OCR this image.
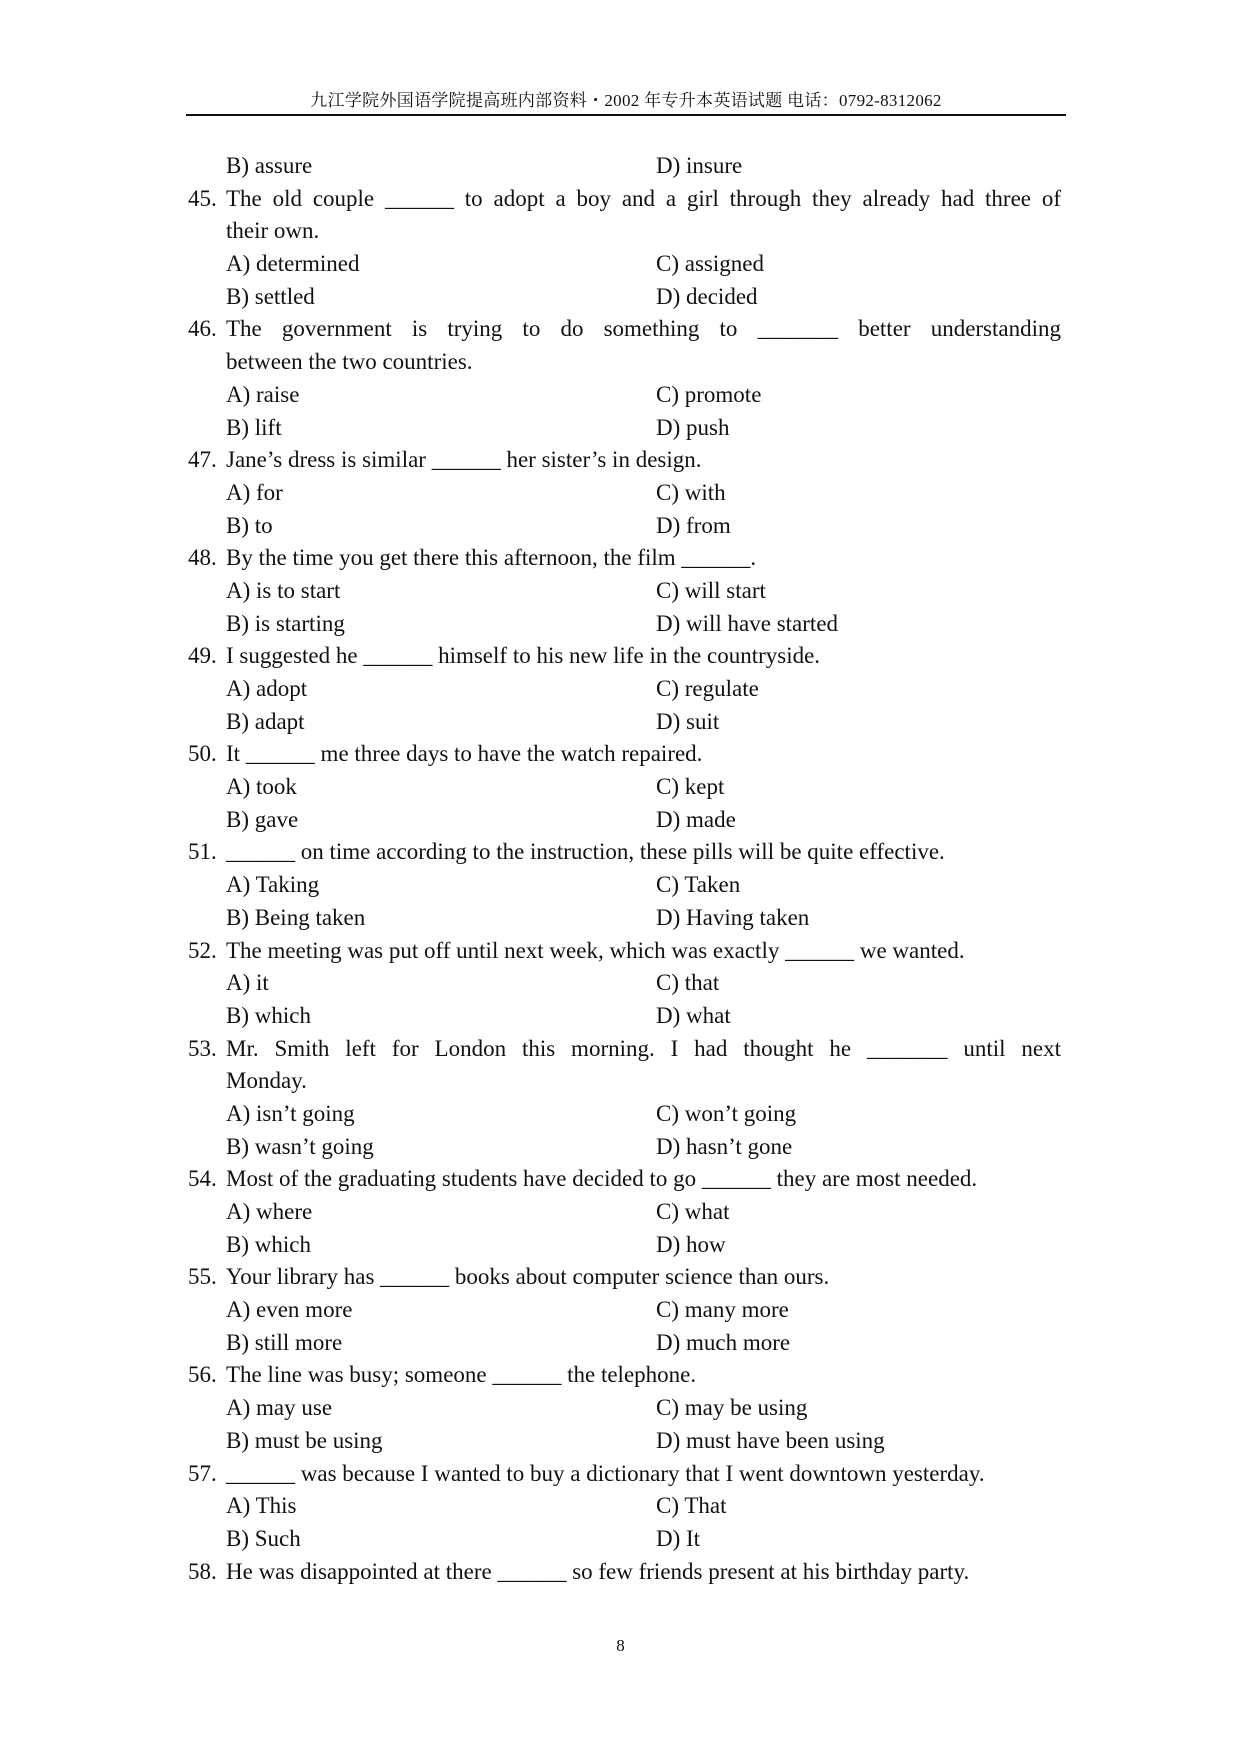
九江学院外国语学院提高班内部资料・2002 年专升本英语试题 电话：0792-8312062
B) assure	D) insure
45. The old couple ______ to adopt a boy and a girl through they already had three of
their own.
A) determined	C) assigned
B) settled	D) decided
46. The government is trying to do something to _______ better understanding
between the two countries.
A) raise	C) promote
B) lift	D) push
47. Jane’s dress is similar ______ her sister’s in design.
A) for	C) with
B) to	D) from
48. By the time you get there this afternoon, the film ______.
A) is to start	C) will start
B) is starting	D) will have started
49. I suggested he ______ himself to his new life in the countryside.
A) adopt	C) regulate
B) adapt	D) suit
50. It ______ me three days to have the watch repaired.
A) took	C) kept
B) gave	D) made
51. ______ on time according to the instruction, these pills will be quite effective.
A) Taking	C) Taken
B) Being taken	D) Having taken
52. The meeting was put off until next week, which was exactly ______ we wanted.
A) it	C) that
B) which	D) what
53. Mr. Smith left for London this morning. I had thought he _______ until next
Monday.
A) isn’t going	C) won’t going
B) wasn’t going	D) hasn’t gone
54. Most of the graduating students have decided to go ______ they are most needed.
A) where	C) what
B) which	D) how
55. Your library has ______ books about computer science than ours.
A) even more	C) many more
B) still more	D) much more
56. The line was busy; someone ______ the telephone.
A) may use	C) may be using
B) must be using	D) must have been using
57. ______ was because I wanted to buy a dictionary that I went downtown yesterday.
A) This	C) That
B) Such	D) It
58. He was disappointed at there ______ so few friends present at his birthday party.
8
